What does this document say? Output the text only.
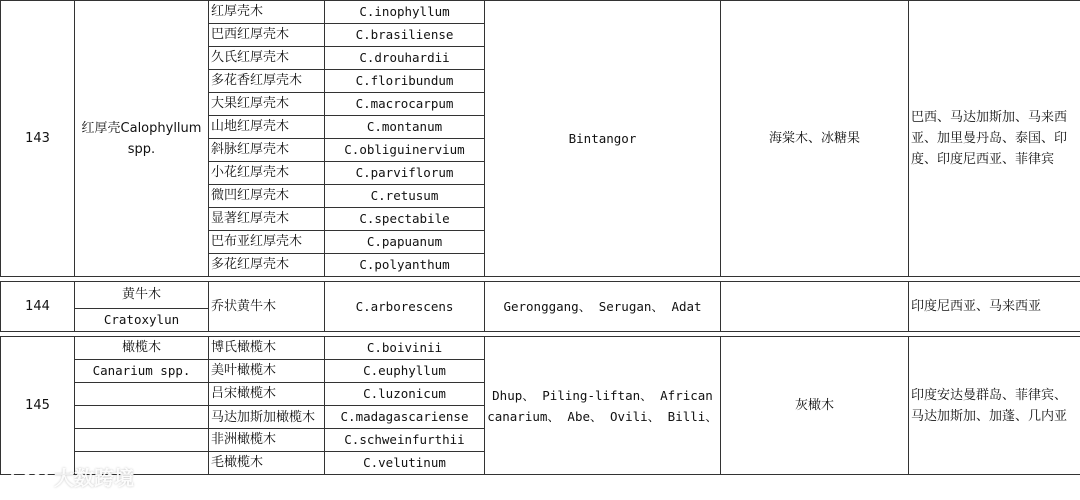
143	红厚壳Calophyllum spp.	红厚壳木	C.inophyllum	Bintangor	海棠木、冰糖果	巴西、马达加斯加、马来西亚、加里曼丹岛、泰国、印度、印度尼西亚、菲律宾
		巴西红厚壳木	C.brasiliense			
		久氏红厚壳木	C.drouhardii			
		多花香红厚壳木	C.floribundum			
		大果红厚壳木	C.macrocarpum			
		山地红厚壳木	C.montanum			
		斜脉红厚壳木	C.obliguinervium			
		小花红厚壳木	C.parviflorum			
		微凹红厚壳木	C.retusum			
		显著红厚壳木	C.spectabile			
		巴布亚红厚壳木	C.papuanum			
		多花红厚壳木	C.polyanthum			

144	黄牛木	乔状黄牛木	C.arborescens	Geronggang、 Serugan、 Adat		印度尼西亚、马来西亚
	Cratoxylun					

145	橄榄木	博氏橄榄木	C.boivinii	Dhup、 Piling-liftan、 African canarium、 Abe、 Ovili、 Billi、	灰橄木	印度安达曼群岛、菲律宾、马达加斯加、加蓬、几内亚
	Canarium spp.	美叶橄榄木	C.euphyllum			
		吕宋橄榄木	C.luzonicum			
		马达加斯加橄榄木	C.madagascariense			
		非洲橄榄木	C.schweinfurthii			
		毛橄榄木	C.velutinum			
大数跨境
